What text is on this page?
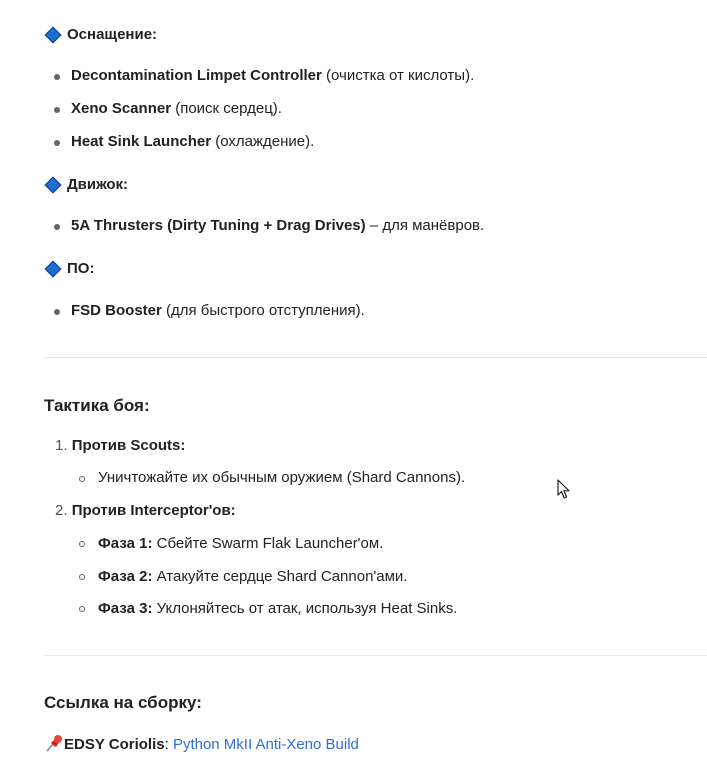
Оснащение:
Decontamination Limpet Controller (очистка от кислоты).
Xeno Scanner (поиск сердец).
Heat Sink Launcher (охлаждение).
Движок:
5A Thrusters (Dirty Tuning + Drag Drives) – для манёвров.
ПО:
FSD Booster (для быстрого отступления).
Тактика боя:
1. Против Scouts:
Уничтожайте их обычным оружием (Shard Cannons).
2. Против Interceptor'ов:
Фаза 1: Сбейте Swarm Flak Launcher'ом.
Фаза 2: Атакуйте сердце Shard Cannon'ами.
Фаза 3: Уклоняйтесь от атак, используя Heat Sinks.
Ссылка на сборку:
EDSY Coriolis: Python MkII Anti-Xeno Build
